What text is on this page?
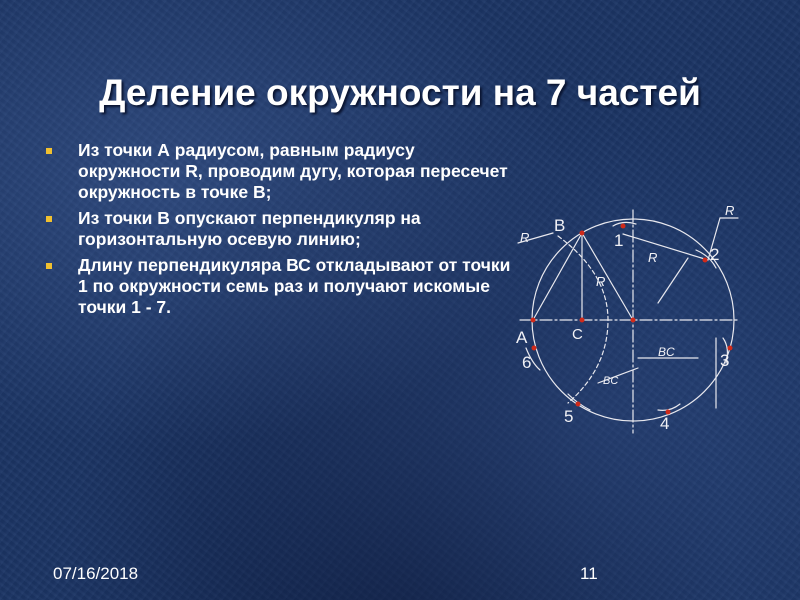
Деление окружности на 7 частей
Из точки А радиусом, равным радиусу окружности R, проводим дугу, которая пересечет окружность в точке В;
Из точки В опускают перпендикуляр на горизонтальную осевую линию;
Длину перпендикуляра ВС откладывают от точки 1 по окружности семь раз и получают искомые точки 1 - 7.
B
1
2
R
R
R
R
A	C
6	3
BC
BC
5	4
07/16/2018	11
